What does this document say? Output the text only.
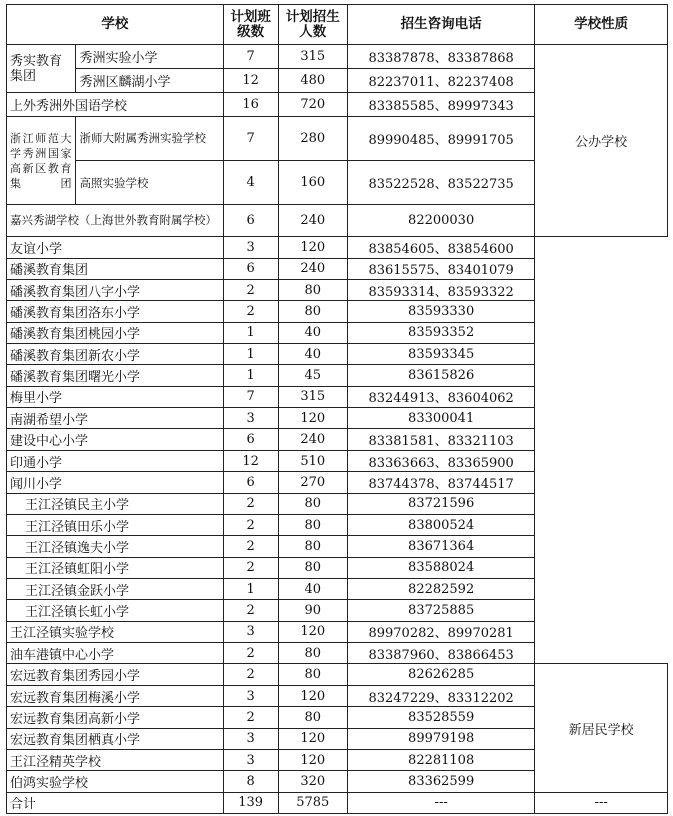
学校		计划班级数	计划招生人数	招生咨询电话	学校性质
秀实教育集团	秀洲实验小学	7	315	83387878、83387868	公办学校
	秀洲区麟湖小学	12	480	82237011、82237408	
上外秀洲外国语学校		16	720	83385585、89997343	
浙江师范大学秀洲国家高新区教育集团	浙师大附属秀洲实验学校	7	280	89990485、89991705	
	高照实验学校	4	160	83522528、83522735	
嘉兴秀湖学校（上海世外教育附属学校）		6	240	82200030	
友谊小学		3	120	83854605、83854600	
磻溪教育集团		6	240	83615575、83401079	
磻溪教育集团八字小学		2	80	83593314、83593322	
磻溪教育集团洛东小学		2	80	83593330	
磻溪教育集团桃园小学		1	40	83593352	
磻溪教育集团新农小学		1	40	83593345	
磻溪教育集团曙光小学		1	45	83615826	
梅里小学		7	315	83244913、83604062	
南湖希望小学		3	120	83300041	
建设中心小学		6	240	83381581、83321103	
印通小学		12	510	83363663、83365900	
闻川小学		6	270	83744378、83744517	
王江泾镇民主小学		2	80	83721596	
王江泾镇田乐小学		2	80	83800524	
王江泾镇逸夫小学		2	80	83671364	
王江泾镇虹阳小学		2	80	83588024	
王江泾镇金跃小学		1	40	82282592	
王江泾镇长虹小学		2	90	83725885	
王江泾镇实验学校		3	120	89970282、89970281	
油车港镇中心小学		2	80	83387960、83866453	
宏远教育集团秀园小学		2	80	82626285	新居民学校
宏远教育集团梅溪小学		3	120	83247229、83312202	
宏远教育集团高新小学		2	80	83528559	
宏远教育集团栖真小学		3	120	89979198	
王江泾精英学校		3	120	82281108	
伯鸿实验学校		8	320	83362599	
合计		139	5785	---	---
